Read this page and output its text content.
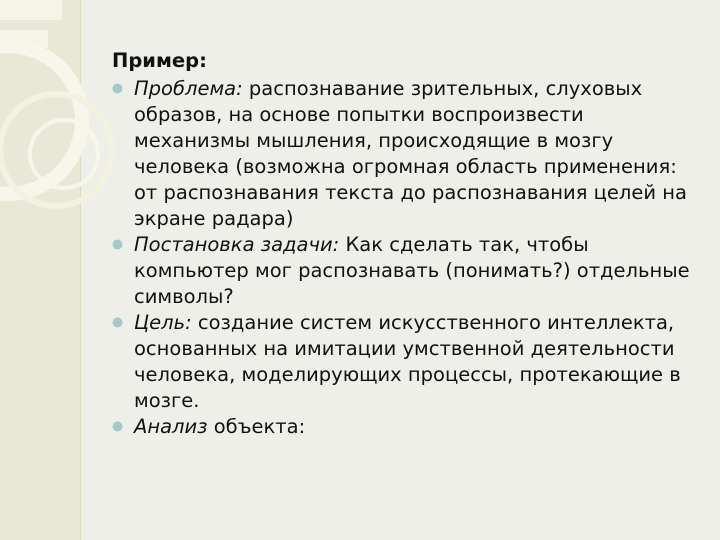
Пример:
Проблема: распознавание зрительных, слуховых образов, на основе попытки воспроизвести механизмы мышления, происходящие в мозгу человека (возможна огромная область применения: от распознавания текста до распознавания целей на экране радара)
Постановка задачи: Как сделать так, чтобы компьютер мог распознавать (понимать?) отдельные символы?
Цель: создание систем искусственного интеллекта, основанных на имитации умственной деятельности человека, моделирующих процессы, протекающие в мозге.
Анализ объекта:
